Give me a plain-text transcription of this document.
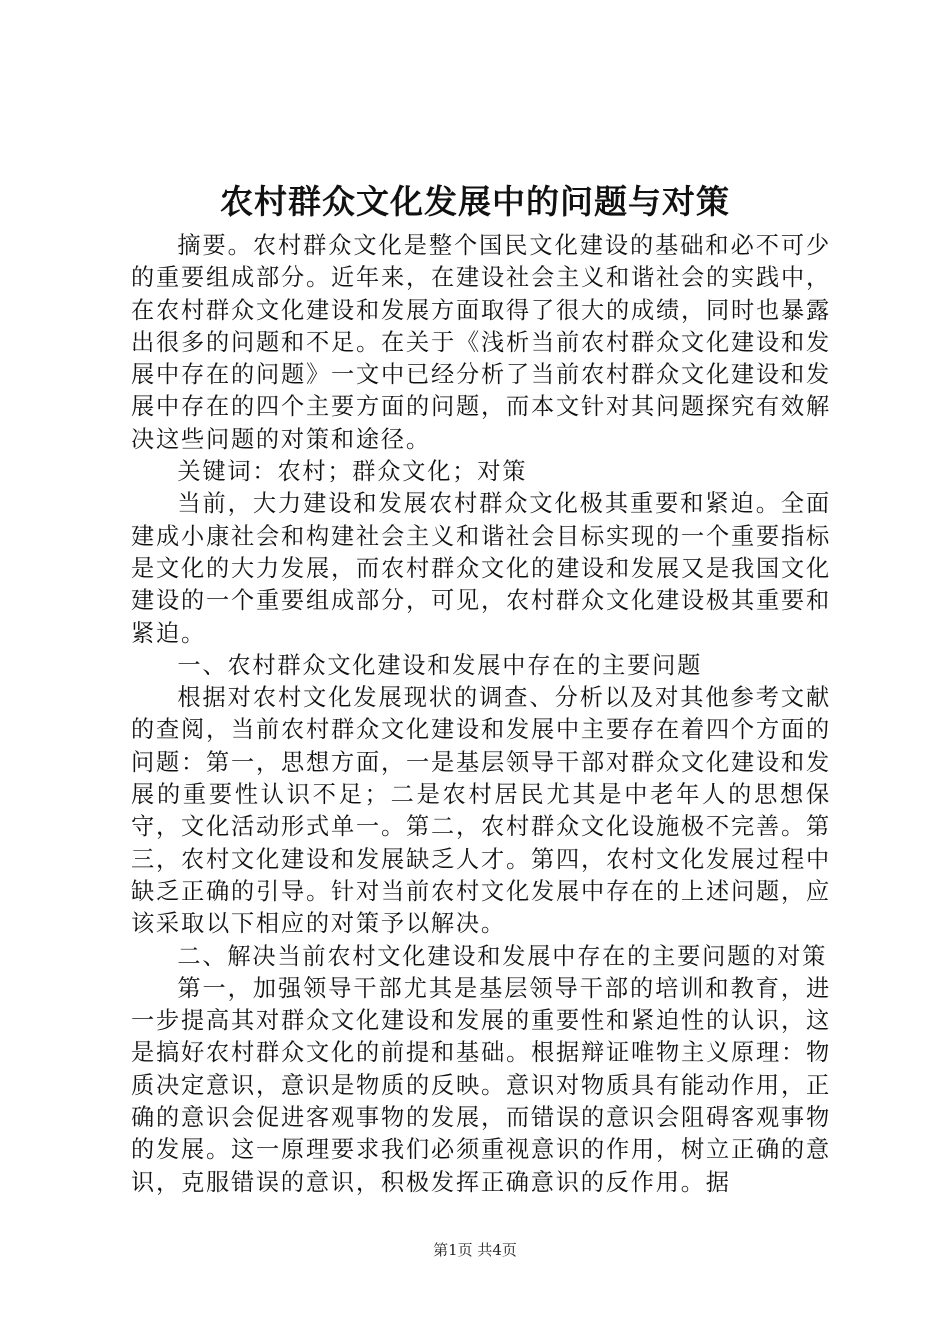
农村群众文化发展中的问题与对策

摘要。农村群众文化是整个国民文化建设的基础和必不可少的重要组成部分。近年来，在建设社会主义和谐社会的实践中，在农村群众文化建设和发展方面取得了很大的成绩，同时也暴露出很多的问题和不足。在关于《浅析当前农村群众文化建设和发展中存在的问题》一文中已经分析了当前农村群众文化建设和发展中存在的四个主要方面的问题，而本文针对其问题探究有效解决这些问题的对策和途径。

关键词：农村；群众文化；对策

当前，大力建设和发展农村群众文化极其重要和紧迫。全面建成小康社会和构建社会主义和谐社会目标实现的一个重要指标是文化的大力发展，而农村群众文化的建设和发展又是我国文化建设的一个重要组成部分，可见，农村群众文化建设极其重要和紧迫。

一、农村群众文化建设和发展中存在的主要问题

根据对农村文化发展现状的调查、分析以及对其他参考文献的查阅，当前农村群众文化建设和发展中主要存在着四个方面的问题：第一，思想方面，一是基层领导干部对群众文化建设和发展的重要性认识不足；二是农村居民尤其是中老年人的思想保守，文化活动形式单一。第二，农村群众文化设施极不完善。第三，农村文化建设和发展缺乏人才。第四，农村文化发展过程中缺乏正确的引导。针对当前农村文化发展中存在的上述问题，应该采取以下相应的对策予以解决。

二、解决当前农村文化建设和发展中存在的主要问题的对策

第一，加强领导干部尤其是基层领导干部的培训和教育，进一步提高其对群众文化建设和发展的重要性和紧迫性的认识，这是搞好农村群众文化的前提和基础。根据辩证唯物主义原理：物质决定意识，意识是物质的反映。意识对物质具有能动作用，正确的意识会促进客观事物的发展，而错误的意识会阻碍客观事物的发展。这一原理要求我们必须重视意识的作用，树立正确的意识，克服错误的意识，积极发挥正确意识的反作用。据

第1页 共4页
